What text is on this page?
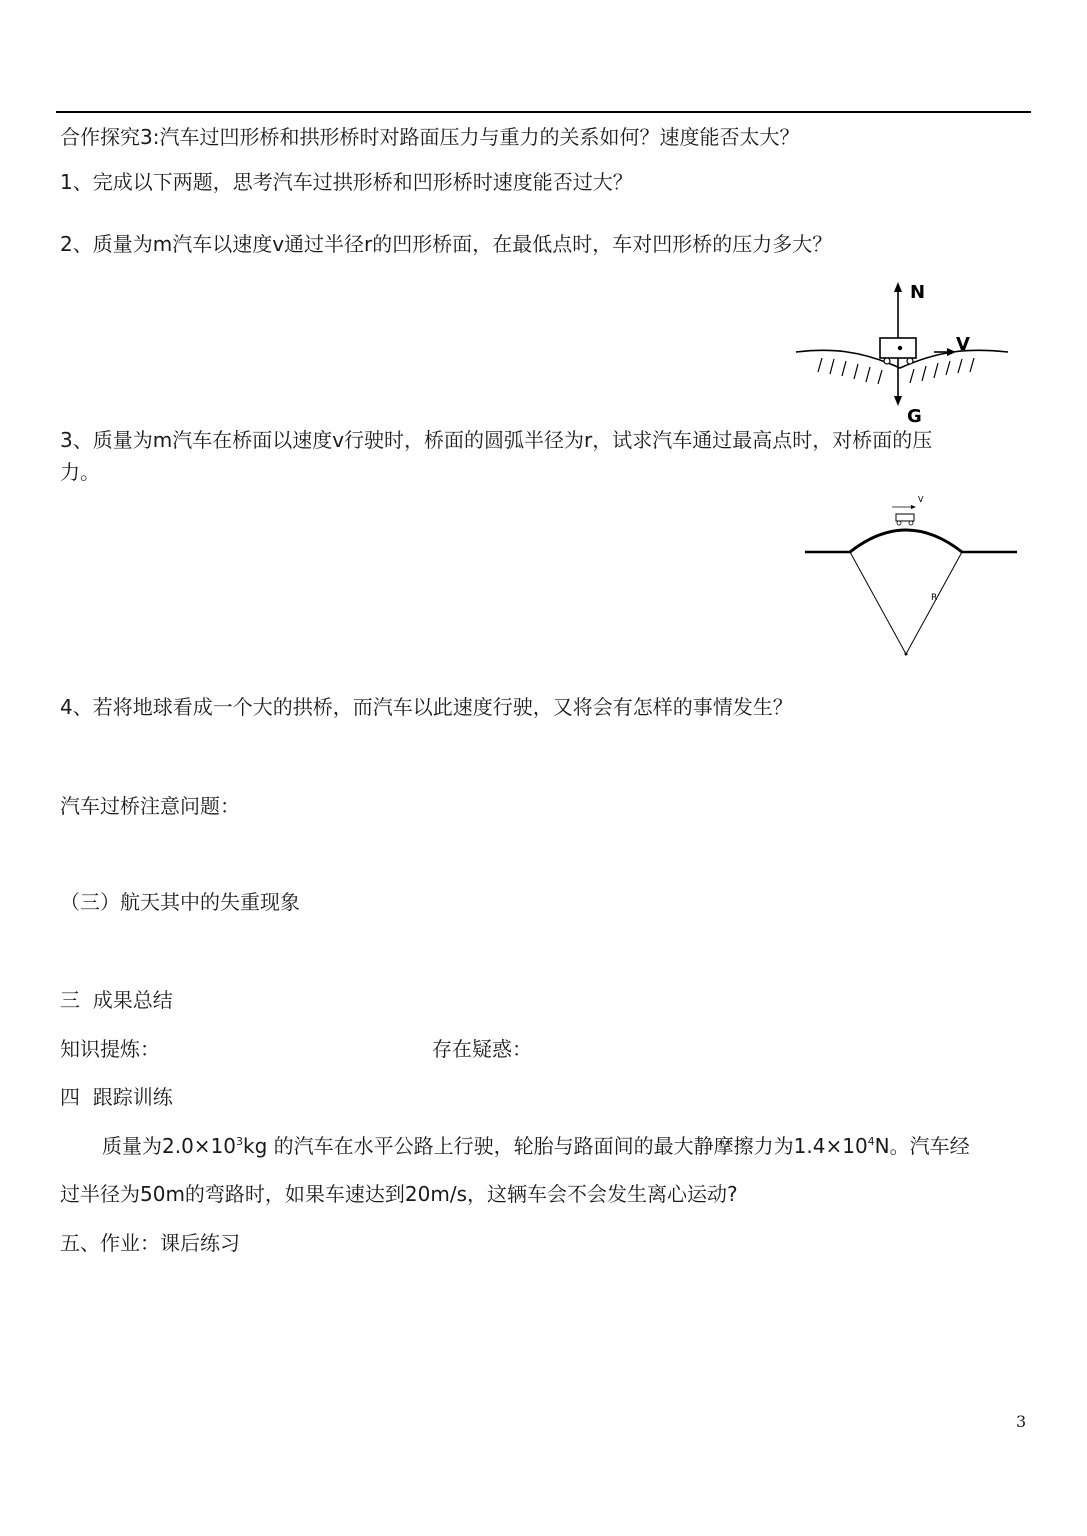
合作探究3:汽车过凹形桥和拱形桥时对路面压力与重力的关系如何？速度能否太大？
1、完成以下两题，思考汽车过拱形桥和凹形桥时速度能否过大？
2、质量为m汽车以速度v通过半径r的凹形桥面，在最低点时，车对凹形桥的压力多大？
N
V
G
3、质量为m汽车在桥面以速度v行驶时，桥面的圆弧半径为r，试求汽车通过最高点时，对桥面的压
力。
V
R
4、若将地球看成一个大的拱桥，而汽车以此速度行驶，又将会有怎样的事情发生？
汽车过桥注意问题：
（三）航天其中的失重现象
三  成果总结
知识提炼：	存在疑惑：
四  跟踪训练
质量为$2.0\times 10^3kg$ 的汽车在水平公路上行驶，轮胎与路面间的最大静摩擦力为$1.4\times 10^4N$。汽车经
过半径为50m的弯路时，如果车速达到20m/s，这辆车会不会发生离心运动?
五、作业：课后练习
3
